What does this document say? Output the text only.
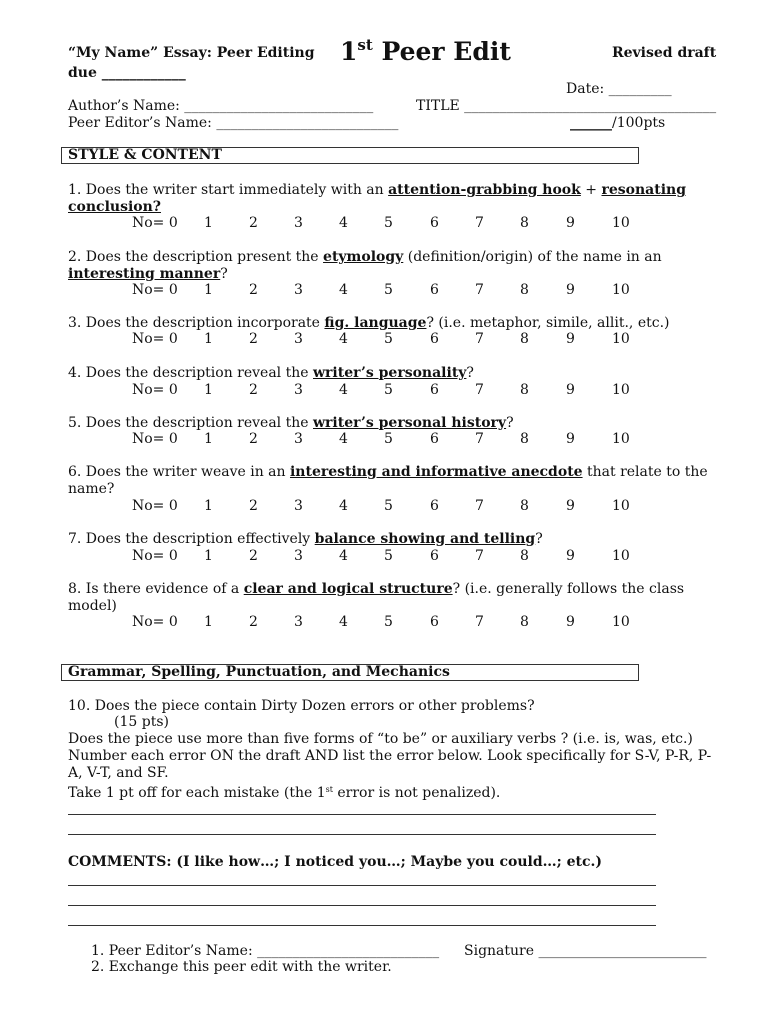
“My Name” Essay: Peer Editing 1st Peer Edit	Revised draft
due ____________
Date: _________
Author’s Name: ___________________________	TITLE ____________________________________
Peer Editor’s Name: __________________________	______/100pts
STYLE & CONTENT
1. Does the writer start immediately with an attention-grabbing hook + resonating conclusion?
No= 0 1	2	3	4	5	6	7	8	9	10
2. Does the description present the etymology (definition/origin) of the name in an interesting manner?
No= 0 1	2	3	4	5	6	7	8	9	10
3. Does the description incorporate fig. language? (i.e. metaphor, simile, allit., etc.)
No= 0 1	2	3	4	5	6	7	8	9	10
4. Does the description reveal the writer’s personality?
No= 0 1	2	3	4	5	6	7	8	9	10
5. Does the description reveal the writer’s personal history?
No= 0 1	2	3	4	5	6	7	8	9	10
6. Does the writer weave in an interesting and informative anecdote that relate to the name?
No= 0 1	2	3	4	5	6	7	8	9	10
7. Does the description effectively balance showing and telling?
No= 0 1	2	3	4	5	6	7	8	9	10
8. Is there evidence of a clear and logical structure? (i.e. generally follows the class model)
No= 0 1	2	3	4	5	6	7	8	9	10
Grammar, Spelling, Punctuation, and Mechanics
10. Does the piece contain Dirty Dozen errors or other problems?
(15 pts)
Does the piece use more than five forms of “to be” or auxiliary verbs ? (i.e. is, was, etc.)
Number each error ON the draft AND list the error below. Look specifically for S-V, P-R, P-A, V-T, and SF.
Take 1 pt off for each mistake (the 1st error is not penalized).
COMMENTS: (I like how…; I noticed you…; Maybe you could…; etc.)
1. Peer Editor’s Name: __________________________ Signature ________________________
2. Exchange this peer edit with the writer.
